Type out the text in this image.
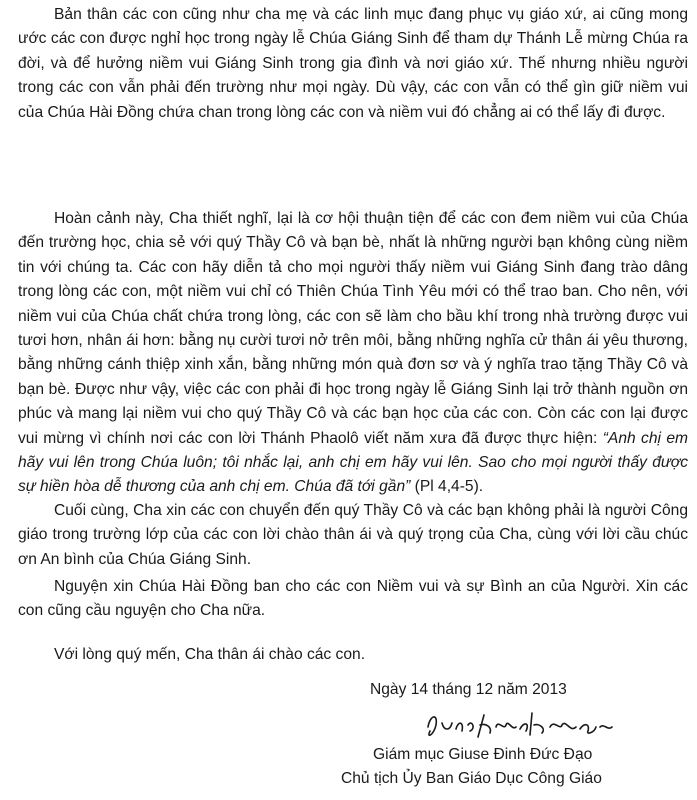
Bản thân các con cũng như cha mẹ và các linh mục đang phục vụ giáo xứ, ai cũng mong ước các con được nghỉ học trong ngày lễ Chúa Giáng Sinh để tham dự Thánh Lễ mừng Chúa ra đời, và để hưởng niềm vui Giáng Sinh trong gia đình và nơi giáo xứ. Thế nhưng nhiều người trong các con vẫn phải đến trường như mọi ngày. Dù vậy, các con vẫn có thể gìn giữ niềm vui của Chúa Hài Đồng chứa chan trong lòng các con và niềm vui đó chẳng ai có thể lấy đi được.

Hoàn cảnh này, Cha thiết nghĩ, lại là cơ hội thuận tiện để các con đem niềm vui của Chúa đến trường học, chia sẻ với quý Thầy Cô và bạn bè, nhất là những người bạn không cùng niềm tin với chúng ta. Các con hãy diễn tả cho mọi người thấy niềm vui Giáng Sinh đang trào dâng trong lòng các con, một niềm vui chỉ có Thiên Chúa Tình Yêu mới có thể trao ban. Cho nên, với niềm vui của Chúa chất chứa trong lòng, các con sẽ làm cho bầu khí trong nhà trường được vui tươi hơn, nhân ái hơn: bằng nụ cười tươi nở trên môi, bằng những nghĩa cử thân ái yêu thương, bằng những cánh thiệp xinh xắn, bằng những món quà đơn sơ và ý nghĩa trao tặng Thầy Cô và bạn bè. Được như vậy, việc các con phải đi học trong ngày lễ Giáng Sinh lại trở thành nguồn ơn phúc và mang lại niềm vui cho quý Thầy Cô và các bạn học của các con. Còn các con lại được vui mừng vì chính nơi các con lời Thánh Phaolô viết năm xưa đã được thực hiện: “Anh chị em hãy vui lên trong Chúa luôn; tôi nhắc lại, anh chị em hãy vui lên. Sao cho mọi người thấy được sự hiền hòa dễ thương của anh chị em. Chúa đã tới gần” (Pl 4,4-5).

Cuối cùng, Cha xin các con chuyển đến quý Thầy Cô và các bạn không phải là người Công giáo trong trường lớp của các con lời chào thân ái và quý trọng của Cha, cùng với lời cầu chúc ơn An bình của Chúa Giáng Sinh.

Nguyện xin Chúa Hài Đồng ban cho các con Niềm vui và sự Bình an của Người. Xin các con cũng cầu nguyện cho Cha nữa.

Với lòng quý mến, Cha thân ái chào các con.

Ngày 14 tháng 12 năm 2013
Giám mục Giuse Đinh Đức Đạo
Chủ tịch Ủy Ban Giáo Dục Công Giáo
